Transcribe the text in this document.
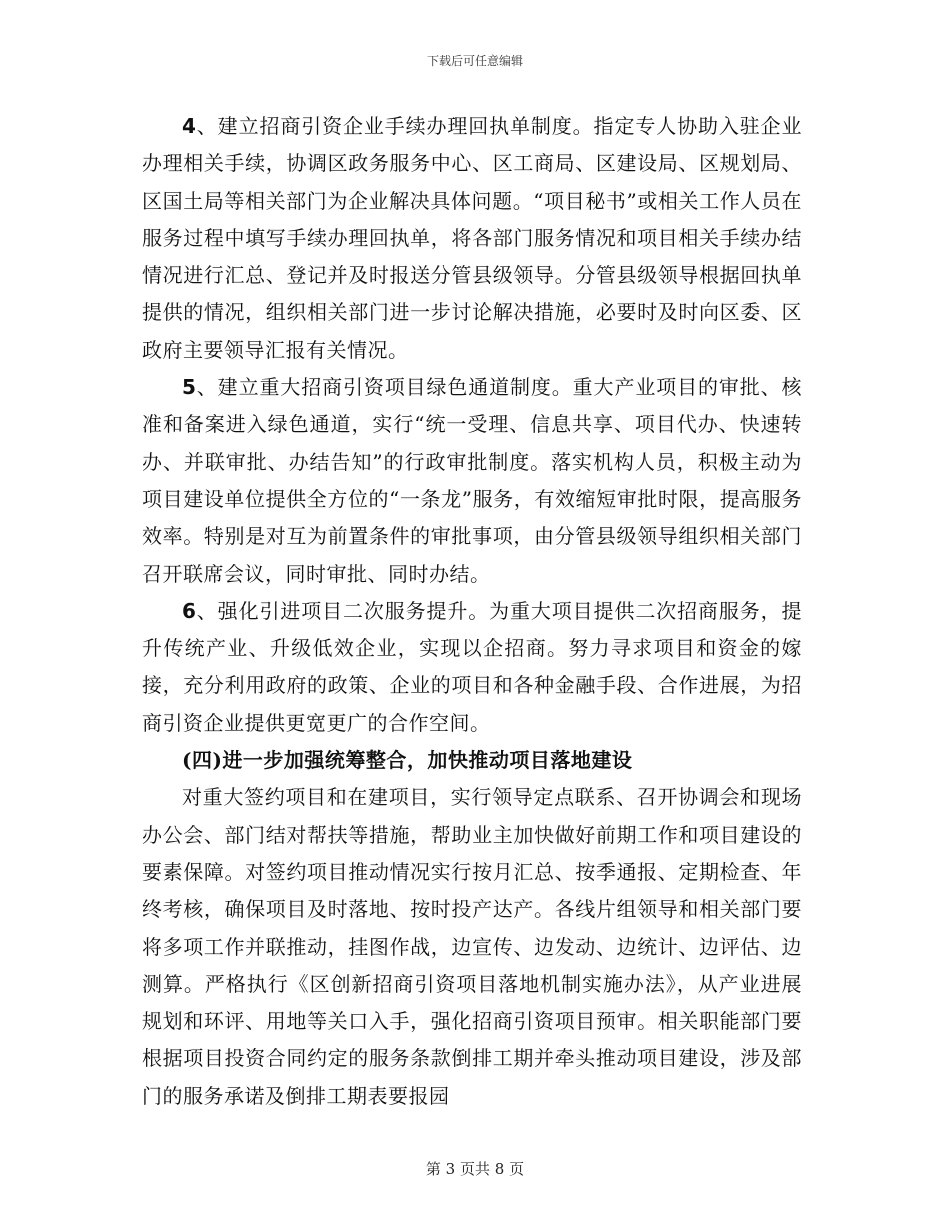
下载后可任意编辑

4、建立招商引资企业手续办理回执单制度。指定专人协助入驻企业办理相关手续，协调区政务服务中心、区工商局、区建设局、区规划局、区国土局等相关部门为企业解决具体问题。“项目秘书”或相关工作人员在服务过程中填写手续办理回执单，将各部门服务情况和项目相关手续办结情况进行汇总、登记并及时报送分管县级领导。分管县级领导根据回执单提供的情况，组织相关部门进一步讨论解决措施，必要时及时向区委、区政府主要领导汇报有关情况。

5、建立重大招商引资项目绿色通道制度。重大产业项目的审批、核准和备案进入绿色通道，实行“统一受理、信息共享、项目代办、快速转办、并联审批、办结告知”的行政审批制度。落实机构人员，积极主动为项目建设单位提供全方位的“一条龙”服务，有效缩短审批时限，提高服务效率。特别是对互为前置条件的审批事项，由分管县级领导组织相关部门召开联席会议，同时审批、同时办结。

6、强化引进项目二次服务提升。为重大项目提供二次招商服务，提升传统产业、升级低效企业，实现以企招商。努力寻求项目和资金的嫁接，充分利用政府的政策、企业的项目和各种金融手段、合作进展，为招商引资企业提供更宽更广的合作空间。

(四)进一步加强统筹整合，加快推动项目落地建设

对重大签约项目和在建项目，实行领导定点联系、召开协调会和现场办公会、部门结对帮扶等措施，帮助业主加快做好前期工作和项目建设的要素保障。对签约项目推动情况实行按月汇总、按季通报、定期检查、年终考核，确保项目及时落地、按时投产达产。各线片组领导和相关部门要将多项工作并联推动，挂图作战，边宣传、边发动、边统计、边评估、边测算。严格执行《区创新招商引资项目落地机制实施办法》，从产业进展规划和环评、用地等关口入手，强化招商引资项目预审。相关职能部门要根据项目投资合同约定的服务条款倒排工期并牵头推动项目建设，涉及部门的服务承诺及倒排工期表要报园

第 3 页共 8 页
